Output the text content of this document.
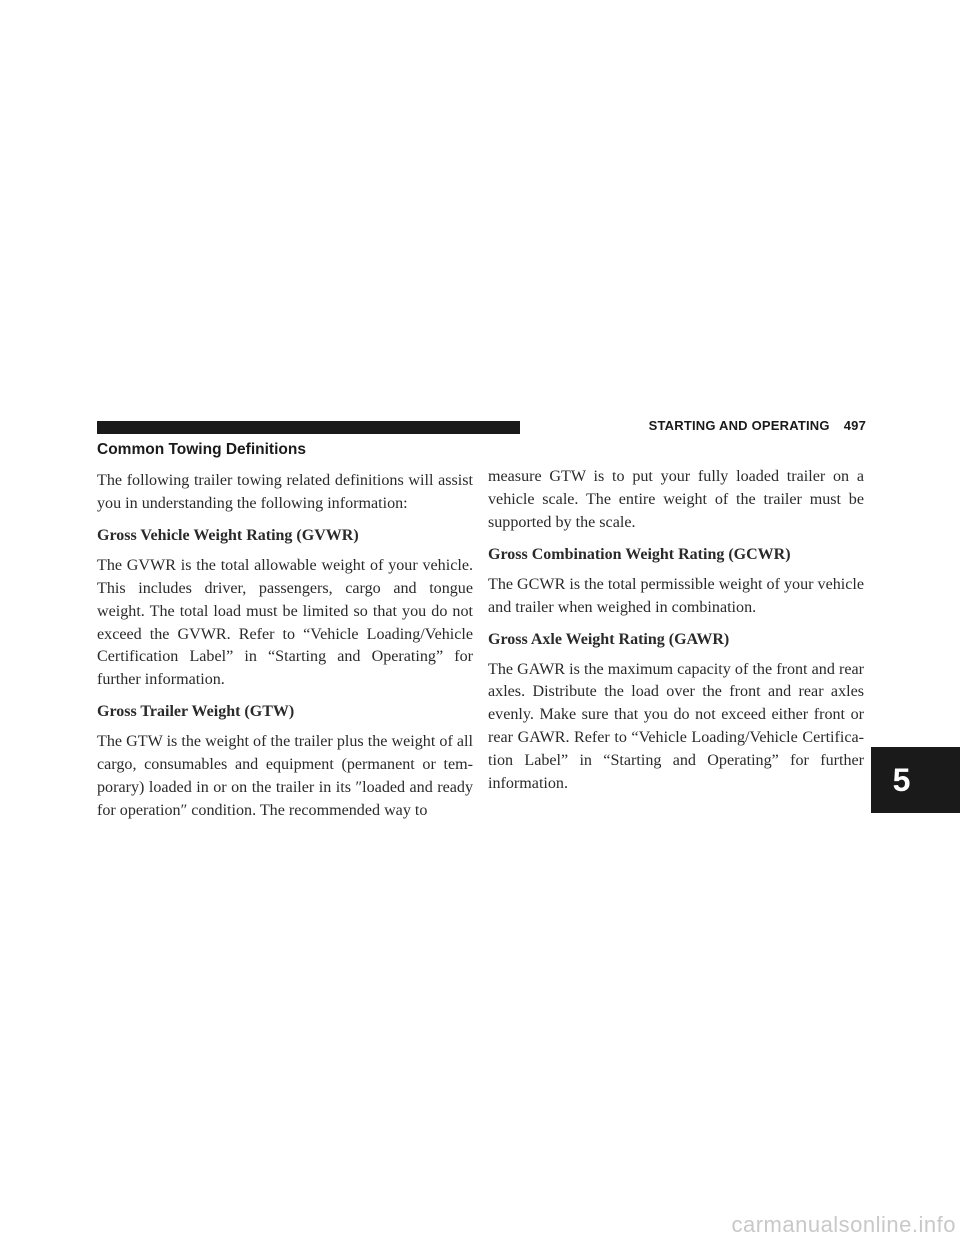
STARTING AND OPERATING 497
Common Towing Definitions

The following trailer towing related definitions will assist you in understanding the following information:

Gross Vehicle Weight Rating (GVWR)

The GVWR is the total allowable weight of your vehicle. This includes driver, passengers, cargo and tongue weight. The total load must be limited so that you do not exceed the GVWR. Refer to “Vehicle Loading/Vehicle Certification Label” in “Starting and Operating” for further information.

Gross Trailer Weight (GTW)

The GTW is the weight of the trailer plus the weight of all cargo, consumables and equipment (permanent or tem-porary) loaded in or on the trailer in its ″loaded and ready for operation″ condition. The recommended way to

measure GTW is to put your fully loaded trailer on a vehicle scale. The entire weight of the trailer must be supported by the scale.

Gross Combination Weight Rating (GCWR)

The GCWR is the total permissible weight of your vehicle and trailer when weighed in combination.

Gross Axle Weight Rating (GAWR)

The GAWR is the maximum capacity of the front and rear axles. Distribute the load over the front and rear axles evenly. Make sure that you do not exceed either front or rear GAWR. Refer to “Vehicle Loading/Vehicle Certifica-tion Label” in “Starting and Operating” for further information.	5
carmanualsonline.info
